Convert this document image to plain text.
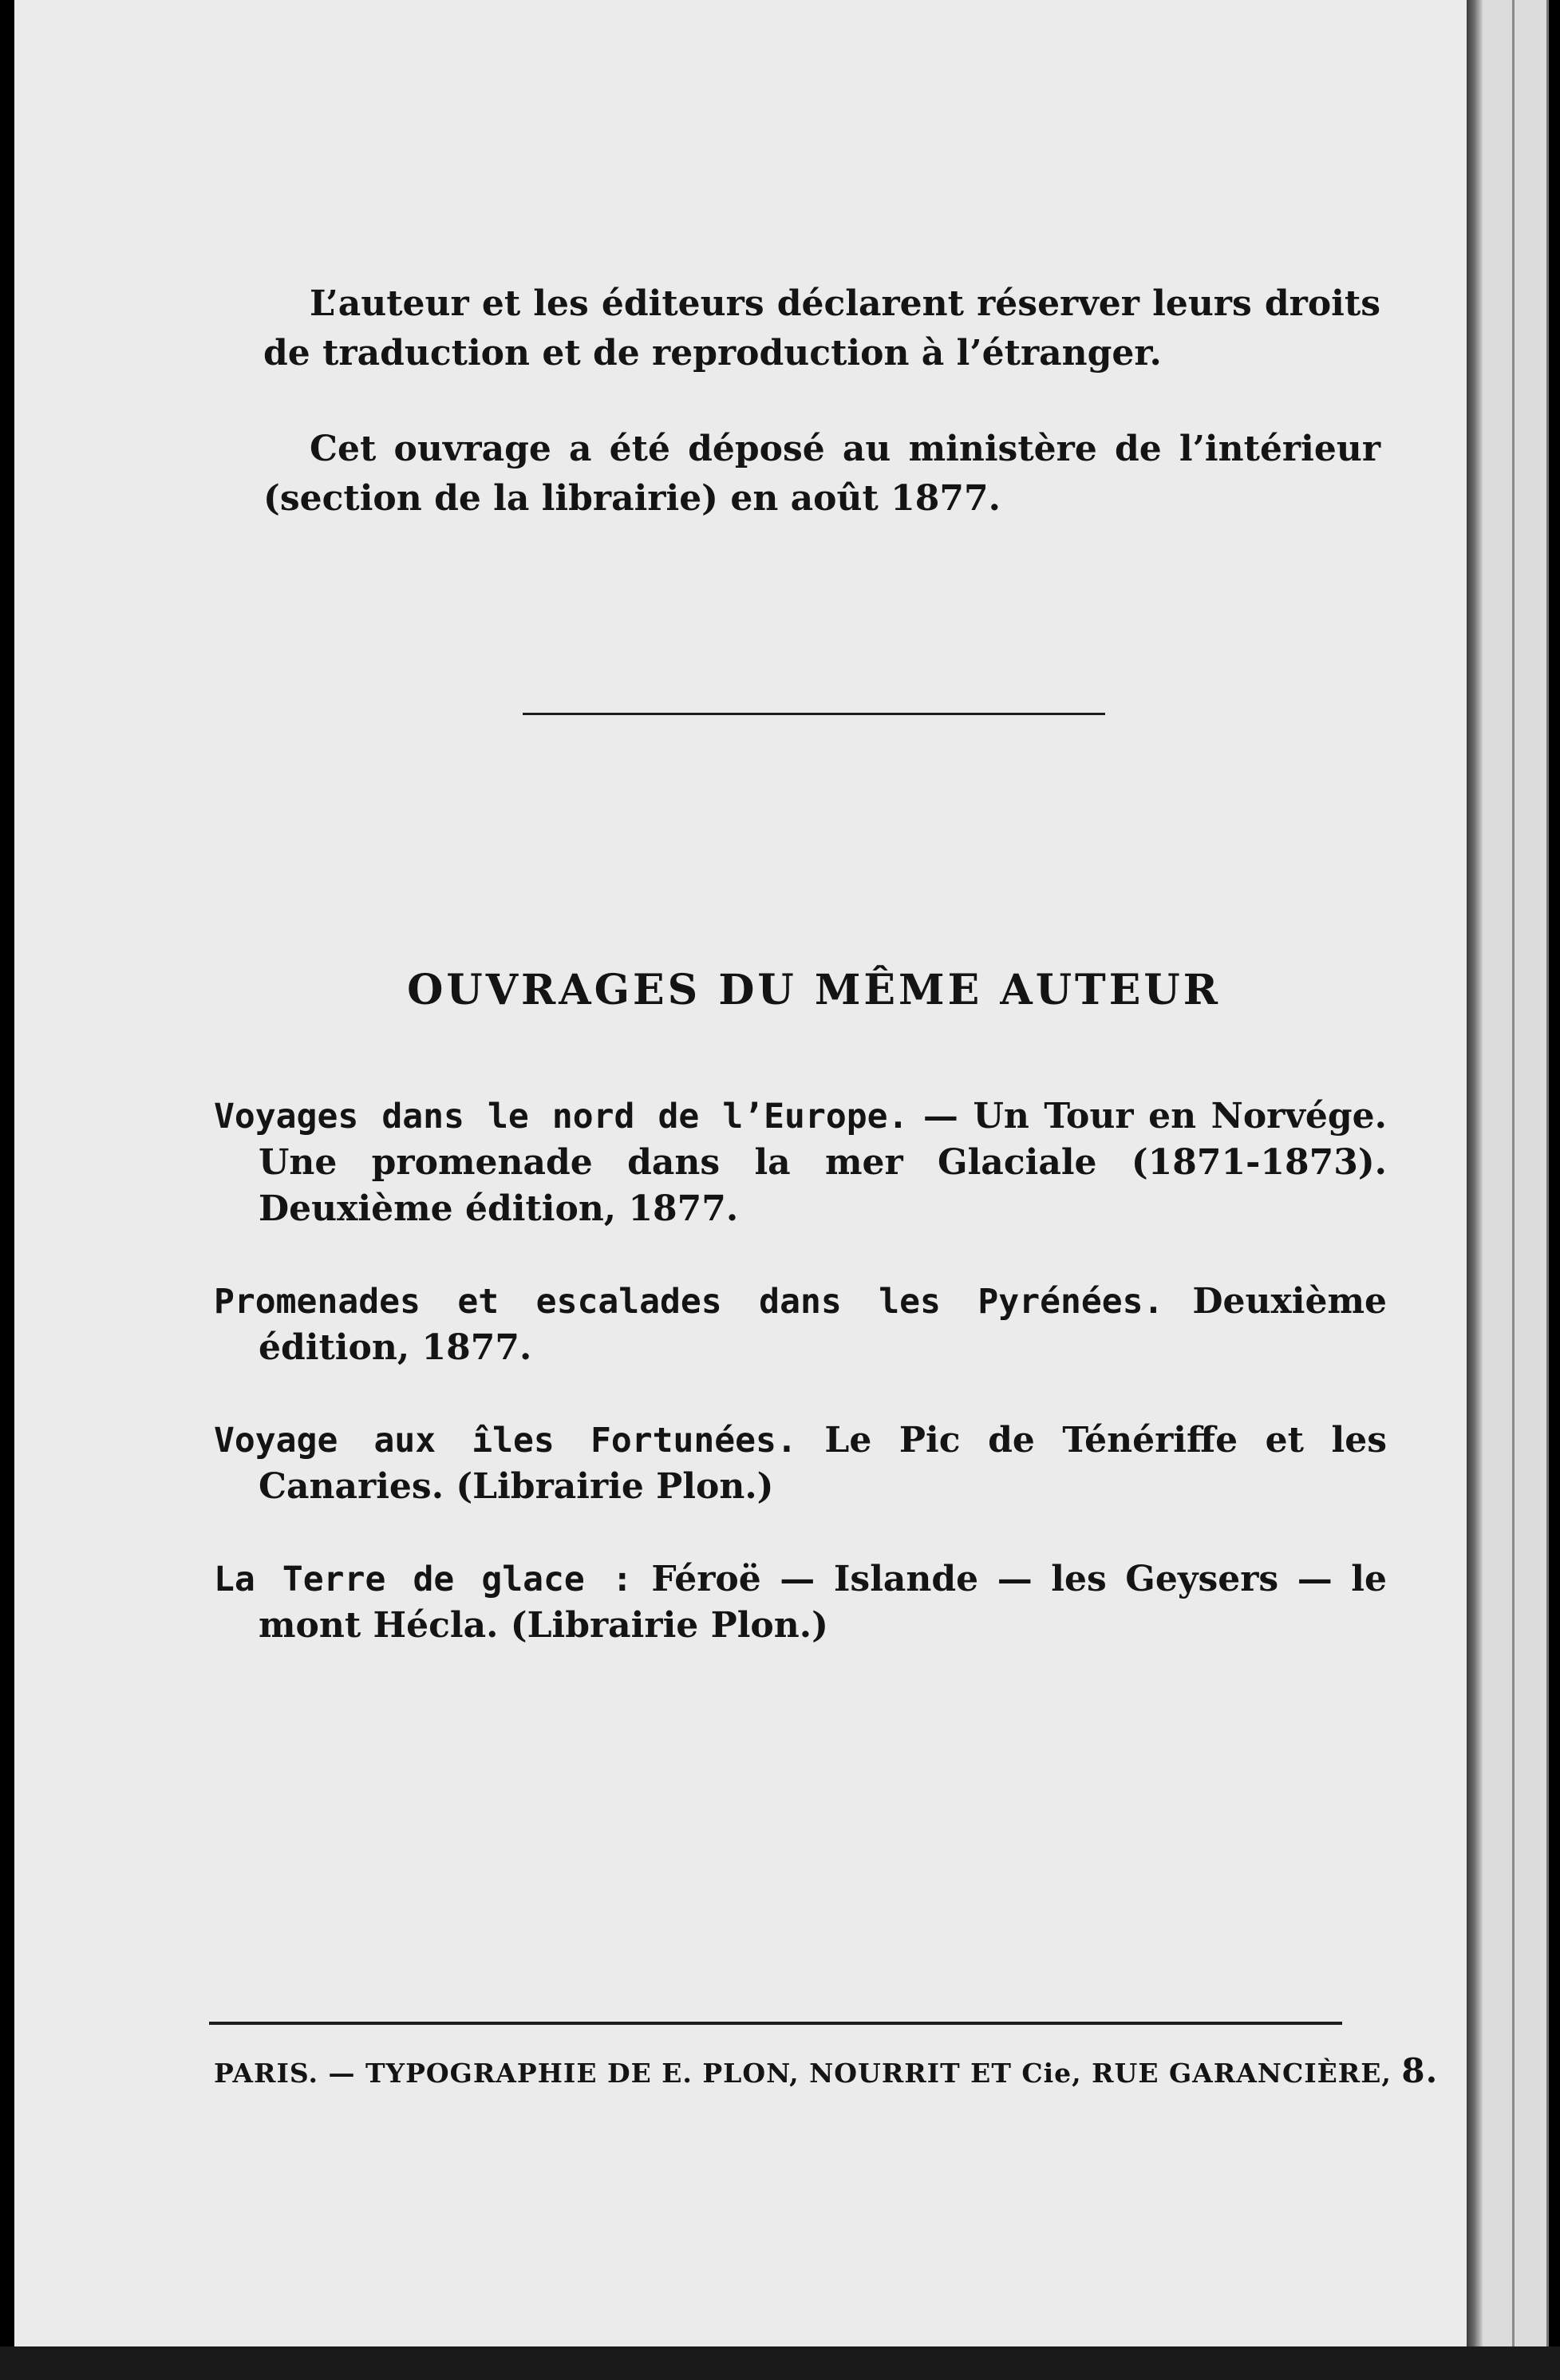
L’auteur et les éditeurs déclarent réserver leurs droits de traduction et de reproduction à l’étranger.

Cet ouvrage a été déposé au ministère de l’intérieur (section de la librairie) en août 1877.

OUVRAGES DU MÊME AUTEUR

Voyages dans le nord de l’Europe. — Un Tour en Norvége. Une promenade dans la mer Glaciale (1871-1873). Deuxième édition, 1877.

Promenades et escalades dans les Pyrénées. Deuxième édition, 1877.

Voyage aux îles Fortunées. Le Pic de Ténériffe et les Canaries. (Librairie Plon.)

La Terre de glace : Féroë — Islande — les Geysers — le mont Hécla. (Librairie Plon.)

PARIS. — TYPOGRAPHIE DE E. PLON, NOURRIT ET Cie, RUE GARANCIÈRE, 8.
